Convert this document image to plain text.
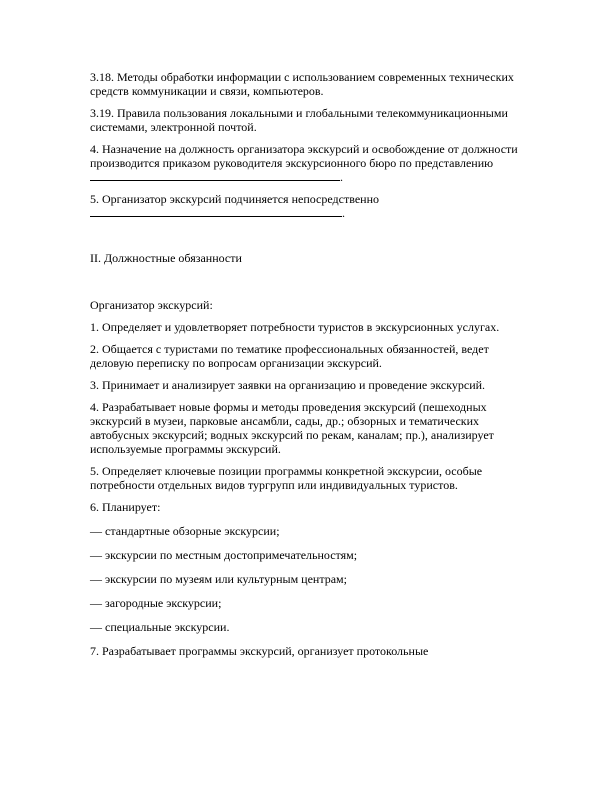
3.18. Методы обработки информации с использованием современных технических средств коммуникации и связи, компьютеров.

3.19. Правила пользования локальными и глобальными телекоммуникационными системами, электронной почтой.

4. Назначение на должность организатора экскурсий и освобождение от должности производится приказом руководителя экскурсионного бюро по представлению .

5. Организатор экскурсий подчиняется непосредственно
.

II. Должностные обязанности

Организатор экскурсий:

1. Определяет и удовлетворяет потребности туристов в экскурсионных услугах.

2. Общается с туристами по тематике профессиональных обязанностей, ведет деловую переписку по вопросам организации экскурсий.

3. Принимает и анализирует заявки на организацию и проведение экскурсий.

4. Разрабатывает новые формы и методы проведения экскурсий (пешеходных экскурсий в музеи, парковые ансамбли, сады, др.; обзорных и тематических автобусных экскурсий; водных экскурсий по рекам, каналам; пр.), анализирует используемые программы экскурсий.

5. Определяет ключевые позиции программы конкретной экскурсии, особые потребности отдельных видов тургрупп или индивидуальных туристов.

6. Планирует:

— стандартные обзорные экскурсии;

— экскурсии по местным достопримечательностям;

— экскурсии по музеям или культурным центрам;

— загородные экскурсии;

— специальные экскурсии.

7. Разрабатывает программы экскурсий, организует протокольные
